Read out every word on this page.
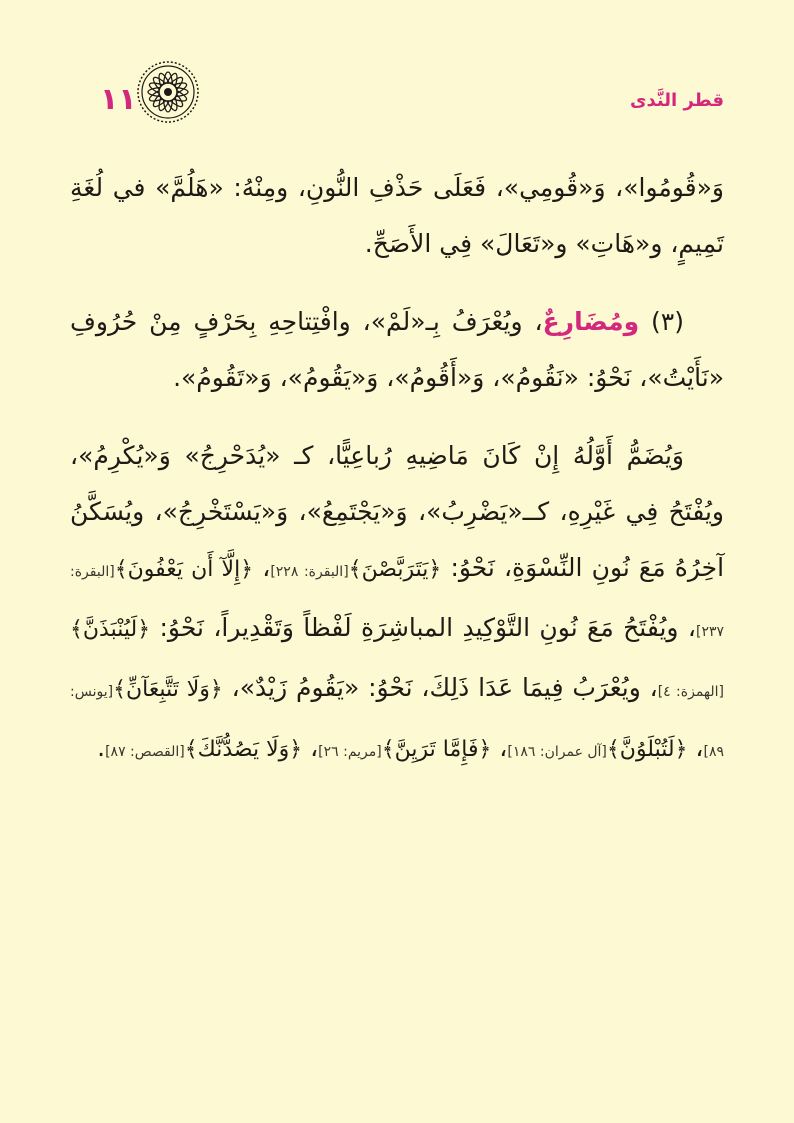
قطر النَّدى
١١

وَ«قُومُوا»، وَ«قُومِي»، فَعَلَى حَذْفِ النُّونِ، ومِنْهُ: «هَلُمَّ» في لُغَةِ تَمِيمٍ، و«هَاتِ» و«تَعَالَ» فِي الأَصَحِّ.

(٣) ومُضَارِعٌ، ويُعْرَفُ بِـ«لَمْ»، وافْتِتاحِهِ بِحَرْفٍ مِنْ حُرُوفِ «نَأَيْتُ»، نَحْوُ: «نَقُومُ»، وَ«أَقُومُ»، وَ«يَقُومُ»، وَ«تَقُومُ».

وَيُضَمُّ أَوَّلُهُ إِنْ كَانَ مَاضِيهِ رُباعِيًّا، كـ «يُدَحْرِجُ» وَ«يُكْرِمُ»، ويُفْتَحُ فِي غَيْرِهِ، كــ«يَضْرِبُ»، وَ«يَجْتَمِعُ»، وَ«يَسْتَخْرِجُ»، ويُسَكَّنُ آخِرُهُ مَعَ نُونِ النِّسْوَةِ، نَحْوُ: ﴿يَتَرَبَّصْنَ﴾[البقرة: ٢٢٨]، ﴿إِلَّآ أَن يَعْفُونَ﴾[البقرة: ٢٣٧]، ويُفْتَحُ مَعَ نُونِ التَّوْكِيدِ المباشِرَةِ لَفْظاً وَتَقْدِيراً، نَحْوُ: ﴿لَيُنْبَذَنَّ﴾[الهمزة: ٤]، ويُعْرَبُ فِيمَا عَدَا ذَلِكَ، نَحْوُ: «يَقُومُ زَيْدٌ»، ﴿وَلَا تَتَّبِعَآنِّ﴾[يونس: ٨٩]، ﴿لَتُبْلَوُنَّ﴾[آل عمران: ١٨٦]، ﴿فَإِمَّا تَرَيِنَّ﴾[مريم: ٢٦]، ﴿وَلَا يَصُدُّنَّكَ﴾[القصص: ٨٧].
